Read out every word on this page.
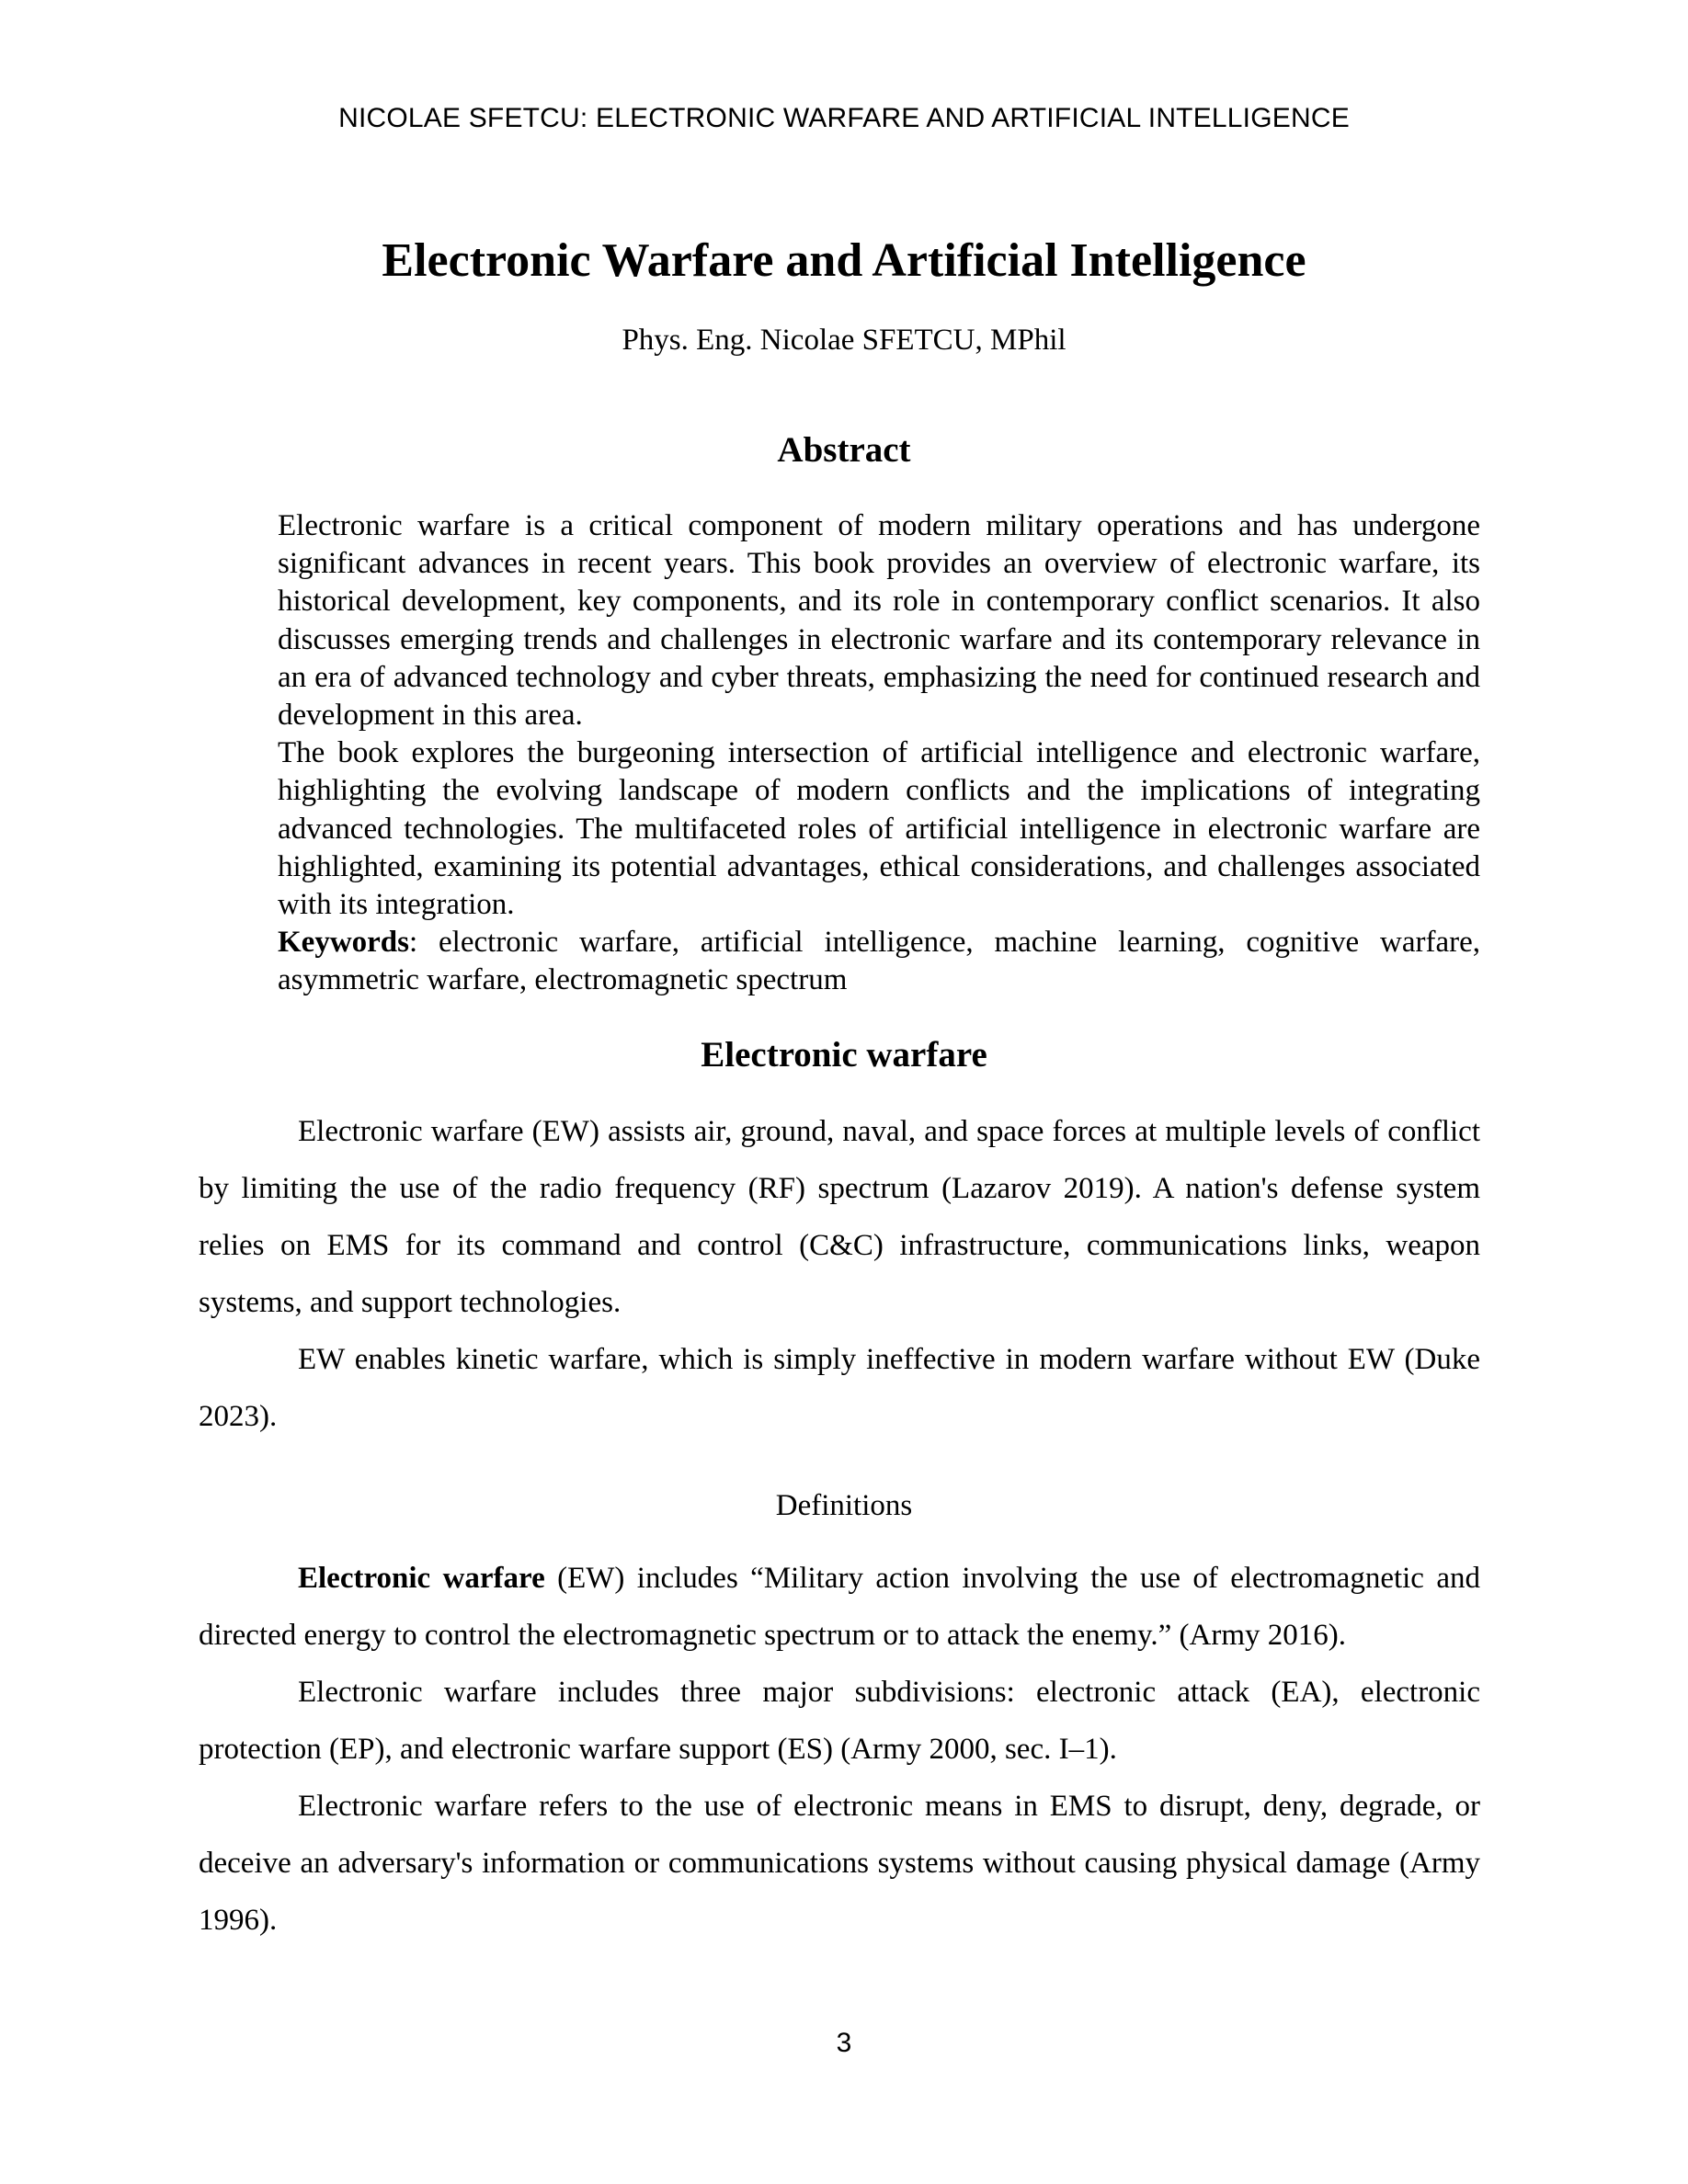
NICOLAE SFETCU: ELECTRONIC WARFARE AND ARTIFICIAL INTELLIGENCE
Electronic Warfare and Artificial Intelligence
Phys. Eng. Nicolae SFETCU, MPhil
Abstract

Electronic warfare is a critical component of modern military operations and has undergone significant advances in recent years. This book provides an overview of electronic warfare, its historical development, key components, and its role in contemporary conflict scenarios. It also discusses emerging trends and challenges in electronic warfare and its contemporary relevance in an era of advanced technology and cyber threats, emphasizing the need for continued research and development in this area.

The book explores the burgeoning intersection of artificial intelligence and electronic warfare, highlighting the evolving landscape of modern conflicts and the implications of integrating advanced technologies. The multifaceted roles of artificial intelligence in electronic warfare are highlighted, examining its potential advantages, ethical considerations, and challenges associated with its integration.

Keywords: electronic warfare, artificial intelligence, machine learning, cognitive warfare, asymmetric warfare, electromagnetic spectrum

Electronic warfare

Electronic warfare (EW) assists air, ground, naval, and space forces at multiple levels of conflict by limiting the use of the radio frequency (RF) spectrum (Lazarov 2019). A nation's defense system relies on EMS for its command and control (C&C) infrastructure, communications links, weapon systems, and support technologies.

EW enables kinetic warfare, which is simply ineffective in modern warfare without EW (Duke 2023).

Definitions

Electronic warfare (EW) includes “Military action involving the use of electromagnetic and directed energy to control the electromagnetic spectrum or to attack the enemy.” (Army 2016).

Electronic warfare includes three major subdivisions: electronic attack (EA), electronic protection (EP), and electronic warfare support (ES) (Army 2000, sec. I–1).

Electronic warfare refers to the use of electronic means in EMS to disrupt, deny, degrade, or deceive an adversary's information or communications systems without causing physical damage (Army 1996).

3
